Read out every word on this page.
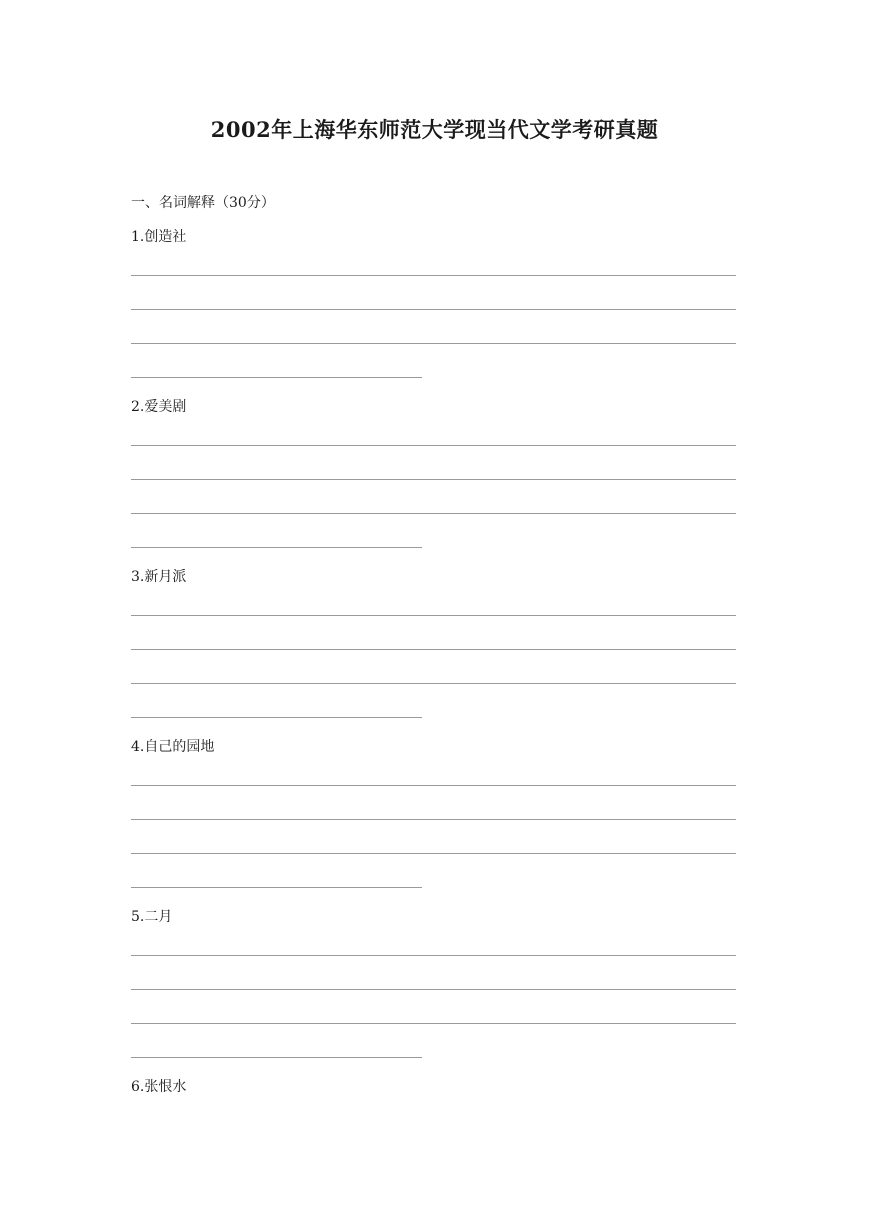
2002年上海华东师范大学现当代文学考研真题
一、名词解释（30分）
1.创造社
2.爱美剧
3.新月派
4.自己的园地
5.二月
6.张恨水
